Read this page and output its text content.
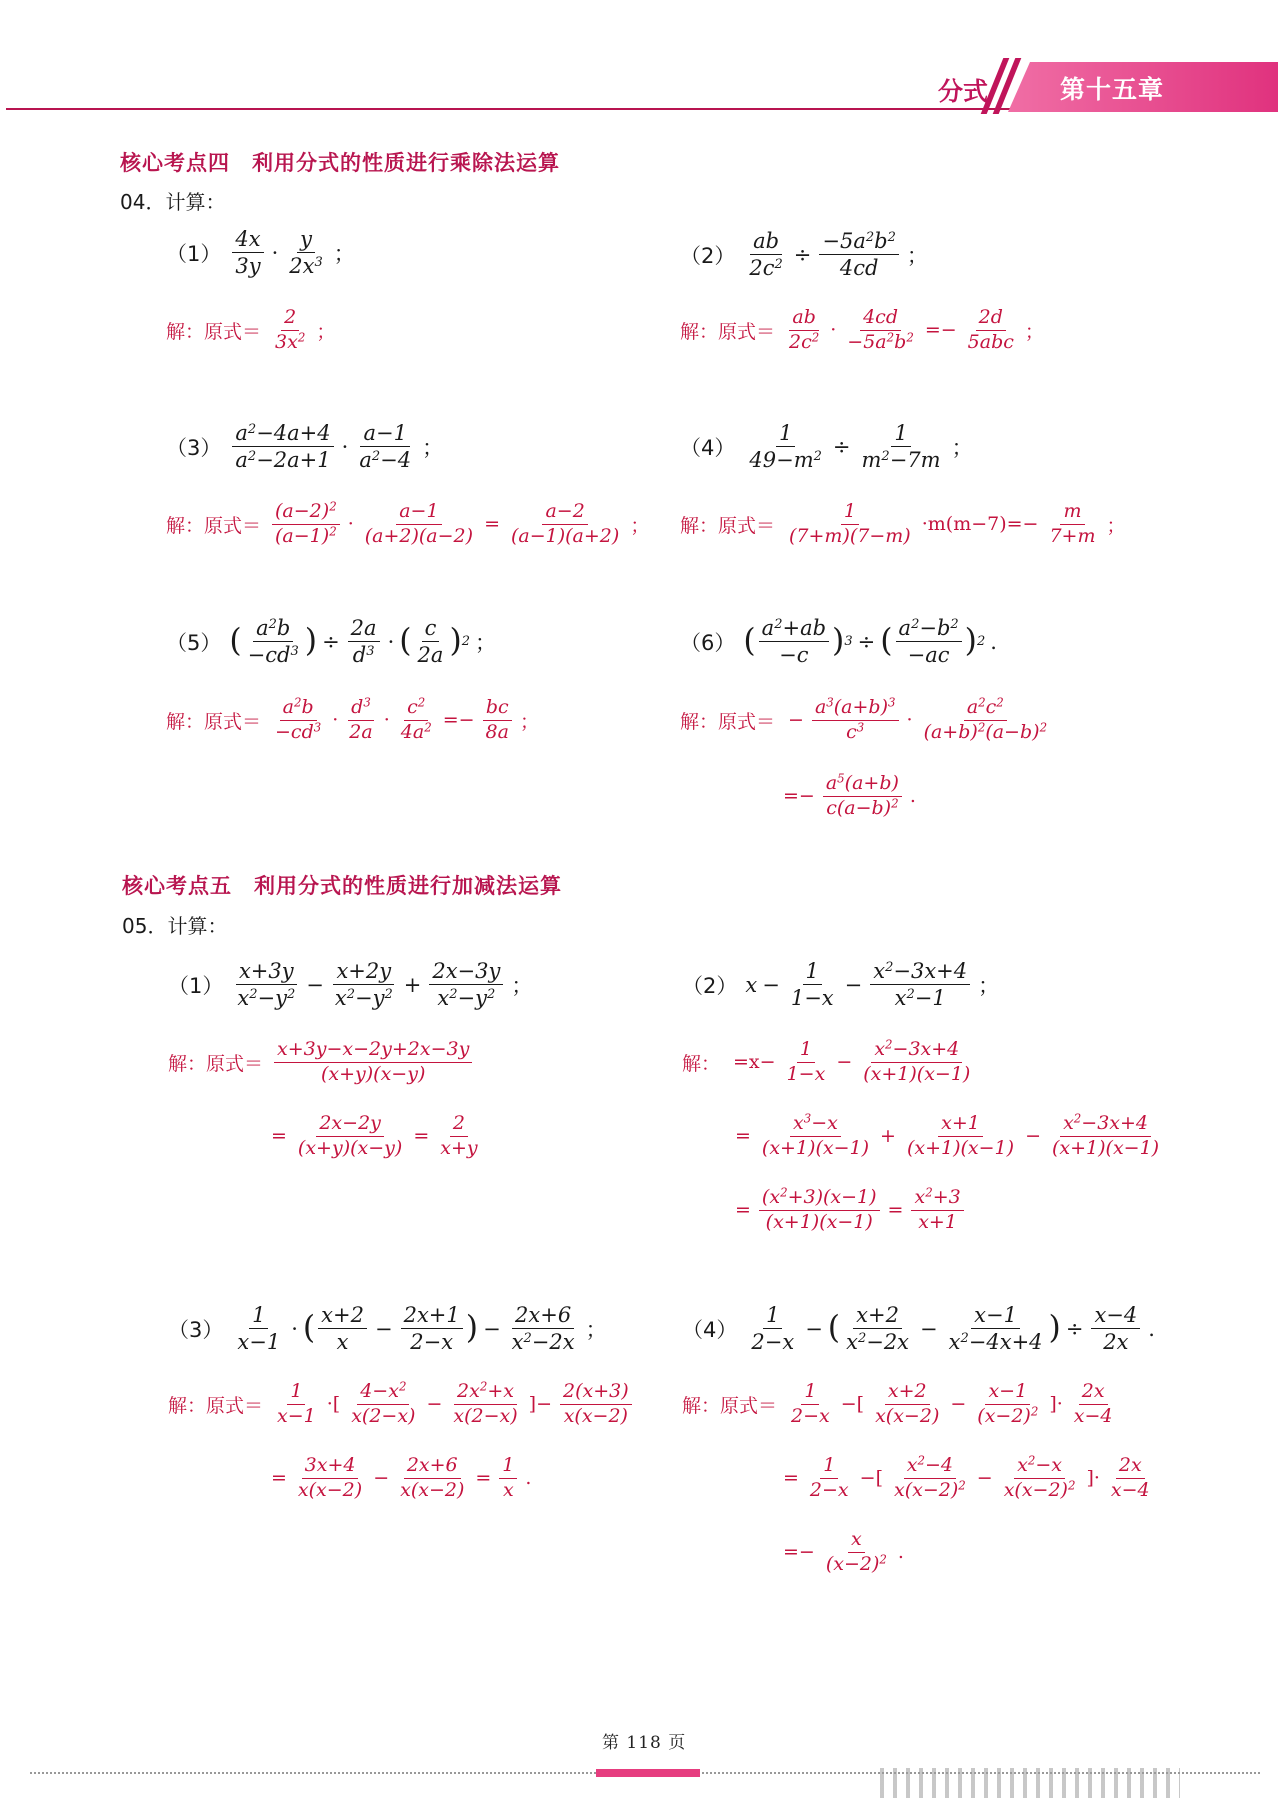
分式	第十五章
核心考点四　利用分式的性质进行乘除法运算
04．计算：
$(1) \frac{4x}{3y} \cdot \frac{y}{2x^3}$ ；
解：原式＝ $\frac{2}{3x^2}$ ；
$(2) \frac{ab}{2c^2} \div \frac{-5a^2b^2}{4cd}$ ；
解：原式＝ $\frac{ab}{2c^2} \cdot \frac{4cd}{-5a^2b^2} =- \frac{2d}{\text{5abc}}$ ；
$(3) \frac{a^2-4a+4}{a^2-2a+1} \cdot \frac{a-1}{a^2-4}$ ；
解：原式＝ $\frac{(a-2)^2}{(a-1)^2} \cdot \frac{a-1}{(a+2)(a-2)} = \frac{a-2}{(a-1)(a+2)}$ ；
$(4) \frac{1}{49-m^2} \div \frac{1}{m^2-7m}$ ；
解：原式＝ $\frac{1}{(7+m)(7-m)} \cdot m(m-7)=- \frac{m}{7+m}$ ；
（5） ( $\frac{a^2b}{-cd^3}$ ) ÷ $\frac{2a}{d^3}$ · ( $\frac{c}{2a}$ ) 2 ；
解：原式＝ $\frac{a^2b}{-cd^3} \cdot \frac{d^3}{2a} \cdot \frac{c^2}{4a^2} =- \frac{bc}{8a}$ ；
（6） ( $\frac{a^2+ab}{-c}$ ) 3 ÷ ( $\frac{a^2-b^2}{-ac}$ ) 2 .
解：原式＝ − $\frac{a^3(a+b)^3}{c^3} \cdot \frac{a^2c^2}{(a+b)^2(a-b)^2}$
=− $\frac{a^5(a+b)}{c(a-b)^2}$ .
核心考点五　利用分式的性质进行加减法运算
05．计算：
$(1) \frac{x+3y}{x^2-y^2} - \frac{x+2y}{x^2-y^2} + \frac{2x-3y}{x^2-y^2}$ ；
解：原式＝ $\frac{x+3y-x-2y+2x-3y}{(x+y)(x-y)}$
= $\frac{2x-2y}{(x+y)(x-y)} = \frac{2}{x+y}$
（2） $x - \frac{1}{1-x} - \frac{x^2-3x+4}{x^2-1}$ ；
解： $=x- \frac{1}{1-x} - \frac{x^2-3x+4}{(x+1)(x-1)}$
= $\frac{x^3-x}{(x+1)(x-1)} + \frac{x+1}{(x+1)(x-1)} - \frac{x^2-3x+4}{(x+1)(x-1)}$
= $\frac{(x^2+3)(x-1)}{(x+1)(x-1)} = \frac{x^2+3}{x+1}$
$(3) \frac{1}{x-1}$ · ( $\frac{x+2}{x} - \frac{2x+1}{2-x}$ ) − $\frac{2x+6}{x^2-2x}$ ；
解：原式＝ $\frac{1}{x-1}$ ·[ $\frac{4-x^2}{x(2-x)} - \frac{2x^2+x}{x(2-x)}$ ]− $\frac{2(x+3)}{x(x-2)}$
= $\frac{3x+4}{x(x-2)} - \frac{2x+6}{x(x-2)} = \frac{1}{x}$ .
$(4) \frac{1}{2-x}$ − ( $\frac{x+2}{x^2-2x} - \frac{x-1}{x^2-4x+4}$ ) ÷ $\frac{x-4}{2x}$ .
解：原式＝ $\frac{1}{2-x}$ −[ $\frac{x+2}{x(x-2)} - \frac{x-1}{(x-2)^2}$ ]· $\frac{2x}{x-4}$
= $\frac{1}{2-x}$ −[ $\frac{x^2-4}{x(x-2)^2} - \frac{x^2-x}{x(x-2)^2}$ ]· $\frac{2x}{x-4}$
=− $\frac{x}{(x-2)^2}$ .
第 118 页
